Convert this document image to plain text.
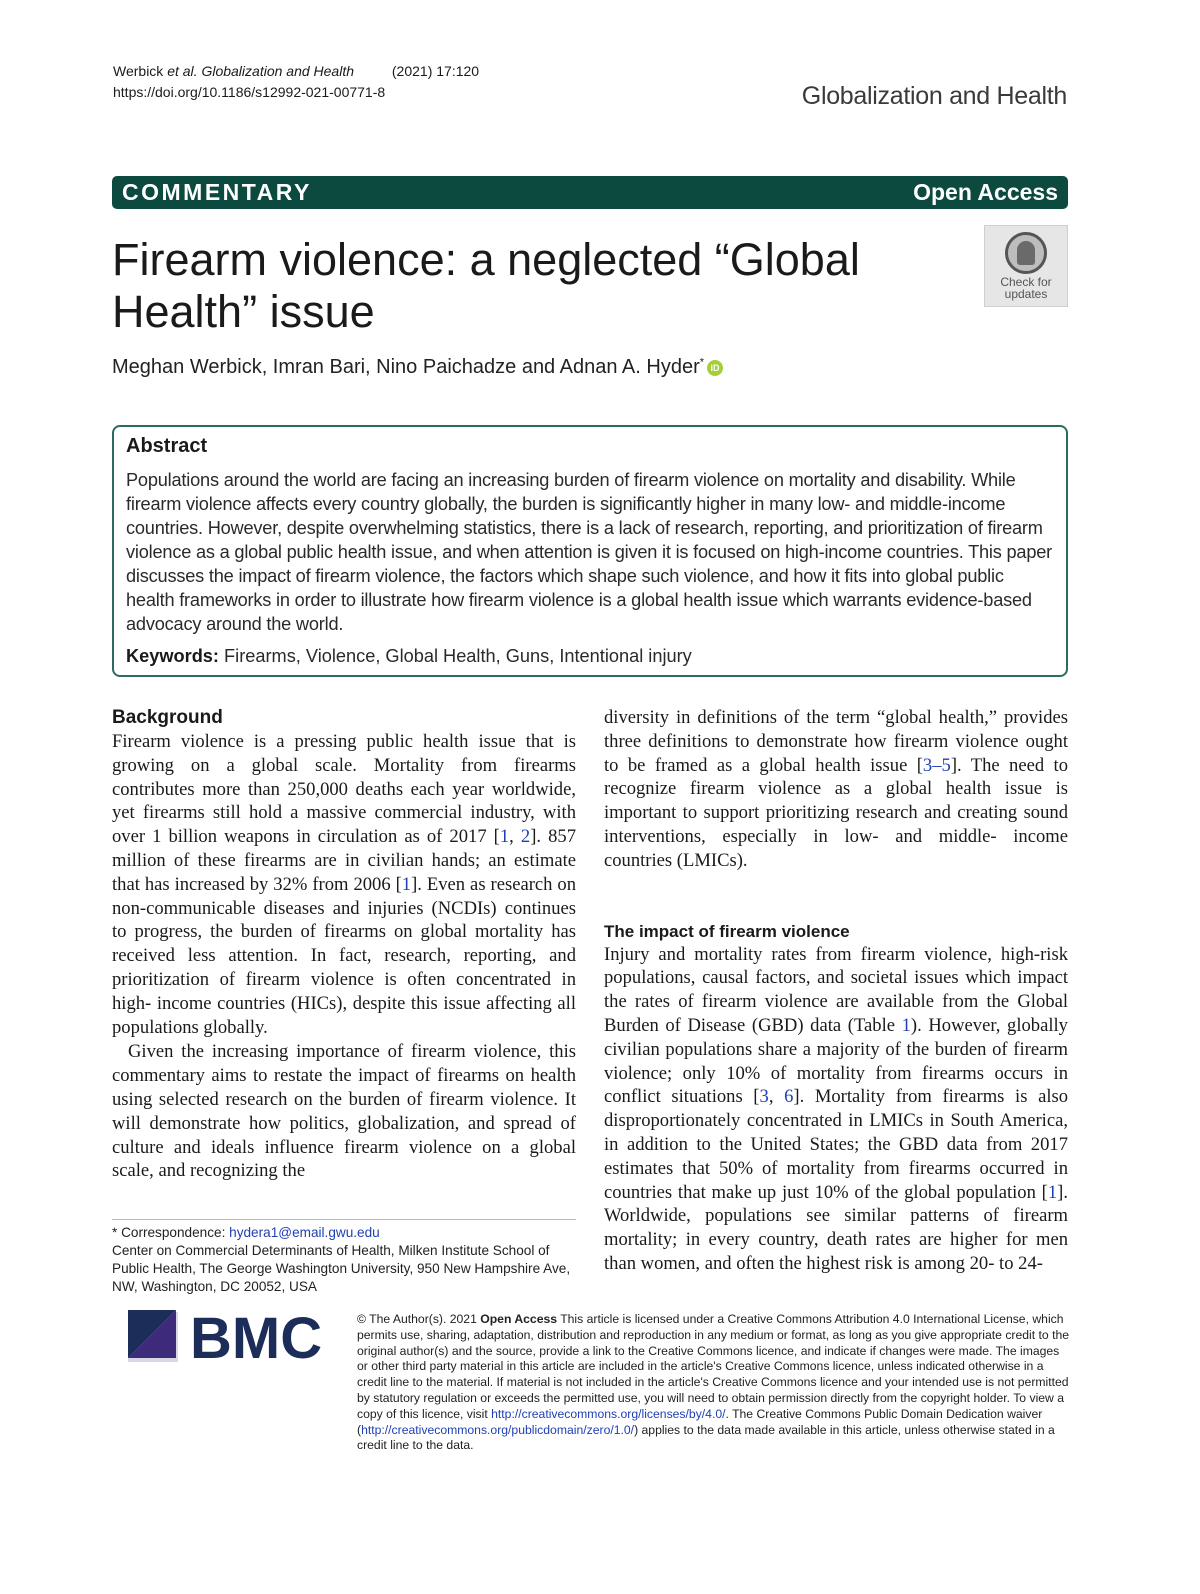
Werbick et al. Globalization and Health	(2021) 17:120
https://doi.org/10.1186/s12992-021-00771-8	Globalization and Health
COMMENTARY	Open Access
Firearm violence: a neglected “Global
Health” issue
Check for
updates
Meghan Werbick, Imran Bari, Nino Paichadze and Adnan A. Hyder* iD
Abstract

Populations around the world are facing an increasing burden of firearm violence on mortality and disability. While firearm violence affects every country globally, the burden is significantly higher in many low- and middle-income countries. However, despite overwhelming statistics, there is a lack of research, reporting, and prioritization of firearm violence as a global public health issue, and when attention is given it is focused on high-income countries. This paper discusses the impact of firearm violence, the factors which shape such violence, and how it fits into global public health frameworks in order to illustrate how firearm violence is a global health issue which warrants evidence-based advocacy around the world.

Keywords: Firearms, Violence, Global Health, Guns, Intentional injury

Background

Firearm violence is a pressing public health issue that is growing on a global scale. Mortality from firearms contributes more than 250,000 deaths each year worldwide, yet firearms still hold a massive commercial industry, with over 1 billion weapons in circulation as of 2017 [1, 2]. 857 million of these firearms are in civilian hands; an estimate that has increased by 32% from 2006 [1]. Even as research on non-communicable diseases and injuries (NCDIs) continues to progress, the burden of firearms on global mortality has received less attention. In fact, research, reporting, and prioritization of firearm violence is often concentrated in high- income countries (HICs), despite this issue affecting all populations globally.

Given the increasing importance of firearm violence, this commentary aims to restate the impact of firearms on health using selected research on the burden of firearm violence. It will demonstrate how politics, globalization, and spread of culture and ideals influence firearm violence on a global scale, and recognizing the

diversity in definitions of the term “global health,” provides three definitions to demonstrate how firearm violence ought to be framed as a global health issue [3–5]. The need to recognize firearm violence as a global health issue is important to support prioritizing research and creating sound interventions, especially in low- and middle- income countries (LMICs).

The impact of firearm violence

Injury and mortality rates from firearm violence, high-risk populations, causal factors, and societal issues which impact the rates of firearm violence are available from the Global Burden of Disease (GBD) data (Table 1). However, globally civilian populations share a majority of the burden of firearm violence; only 10% of mortality from firearms occurs in conflict situations [3, 6]. Mortality from firearms is also disproportionately concentrated in LMICs in South America, in addition to the United States; the GBD data from 2017 estimates that 50% of mortality from firearms occurred in countries that make up just 10% of the global population [1]. Worldwide, populations see similar patterns of firearm mortality; in every country, death rates are higher for men than women, and often the highest risk is among 20- to 24-

* Correspondence: hydera1@email.gwu.edu
Center on Commercial Determinants of Health, Milken Institute School of Public Health, The George Washington University, 950 New Hampshire Ave, NW, Washington, DC 20052, USA
BMC	© The Author(s). 2021 Open Access This article is licensed under a Creative Commons Attribution 4.0 International License, which permits use, sharing, adaptation, distribution and reproduction in any medium or format, as long as you give appropriate credit to the original author(s) and the source, provide a link to the Creative Commons licence, and indicate if changes were made. The images or other third party material in this article are included in the article's Creative Commons licence, unless indicated otherwise in a credit line to the material. If material is not included in the article's Creative Commons licence and your intended use is not permitted by statutory regulation or exceeds the permitted use, you will need to obtain permission directly from the copyright holder. To view a copy of this licence, visit http://creativecommons.org/licenses/by/4.0/. The Creative Commons Public Domain Dedication waiver (http://creativecommons.org/publicdomain/zero/1.0/) applies to the data made available in this article, unless otherwise stated in a credit line to the data.
